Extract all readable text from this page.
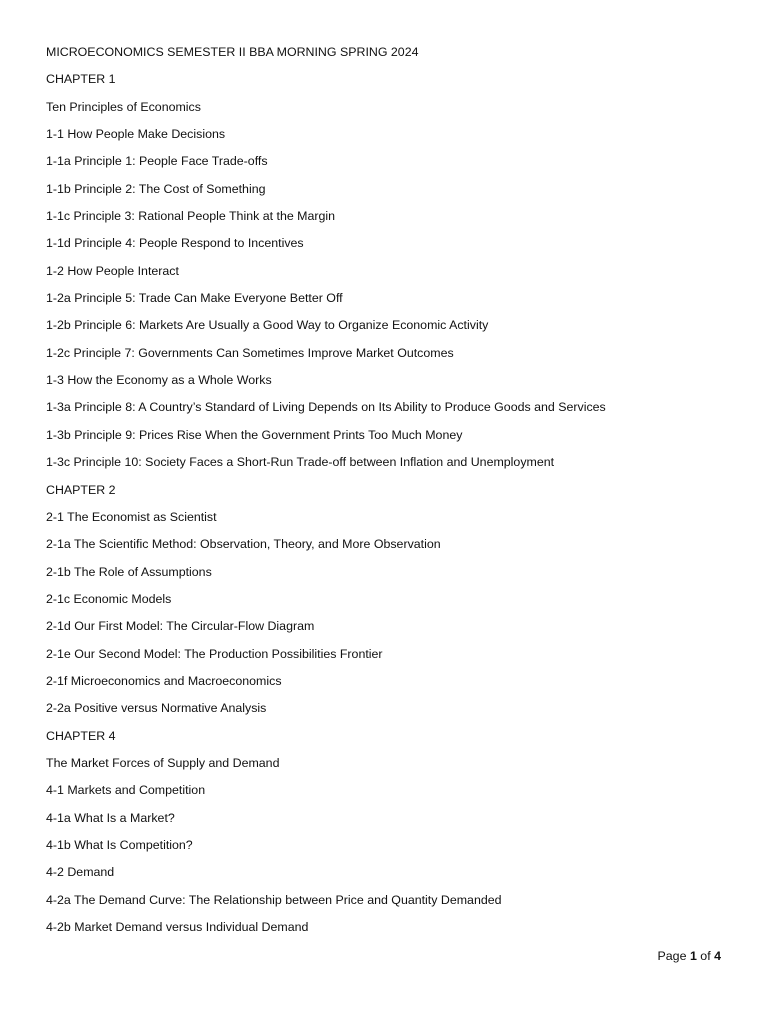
MICROECONOMICS SEMESTER II BBA MORNING SPRING 2024
CHAPTER 1
Ten Principles of Economics
1-1 How People Make Decisions
1-1a Principle 1: People Face Trade-offs
1-1b Principle 2: The Cost of Something
1-1c Principle 3: Rational People Think at the Margin
1-1d Principle 4: People Respond to Incentives
1-2 How People Interact
1-2a Principle 5: Trade Can Make Everyone Better Off
1-2b Principle 6: Markets Are Usually a Good Way to Organize Economic Activity
1-2c Principle 7: Governments Can Sometimes Improve Market Outcomes
1-3 How the Economy as a Whole Works
1-3a Principle 8: A Country’s Standard of Living Depends on Its Ability to Produce Goods and Services
1-3b Principle 9: Prices Rise When the Government Prints Too Much Money
1-3c Principle 10: Society Faces a Short-Run Trade-off between Inflation and Unemployment
CHAPTER 2
2-1 The Economist as Scientist
2-1a The Scientific Method: Observation, Theory, and More Observation
2-1b The Role of Assumptions
2-1c Economic Models
2-1d Our First Model: The Circular-Flow Diagram
2-1e Our Second Model: The Production Possibilities Frontier
2-1f Microeconomics and Macroeconomics
2-2a Positive versus Normative Analysis
CHAPTER 4
The Market Forces of Supply and Demand
4-1 Markets and Competition
4-1a What Is a Market?
4-1b What Is Competition?
4-2 Demand
4-2a The Demand Curve: The Relationship between Price and Quantity Demanded
4-2b Market Demand versus Individual Demand
Page 1 of 4
